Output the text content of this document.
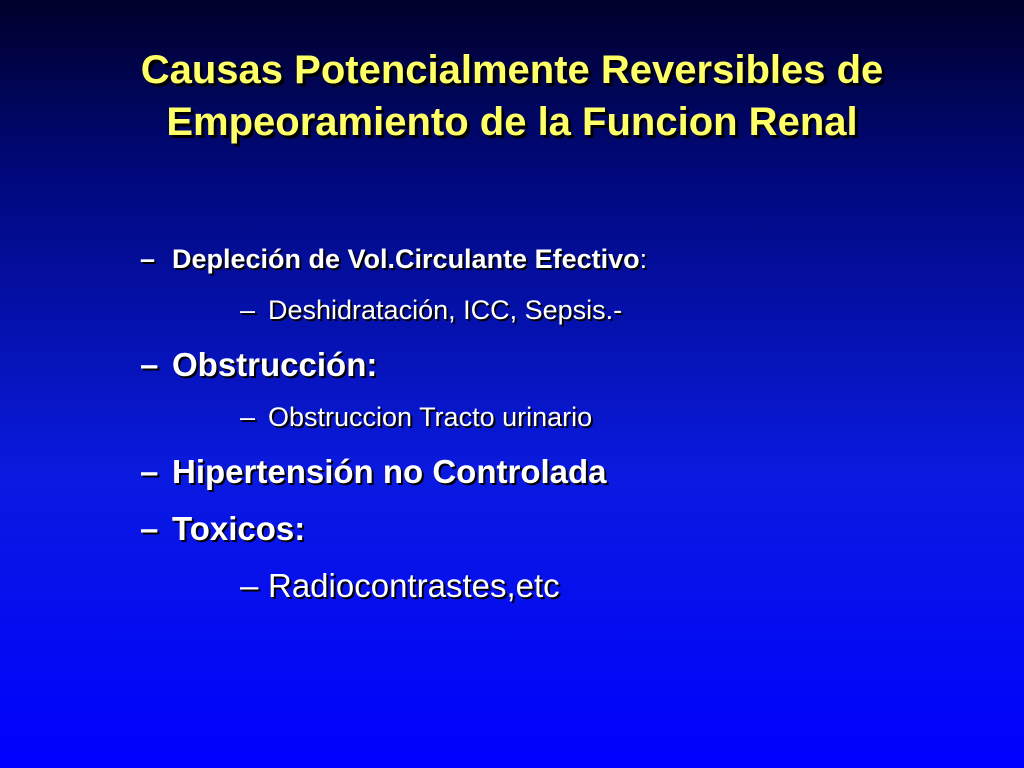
Causas Potencialmente Reversibles de
Empeoramiento de la Funcion Renal
– Depleción de Vol.Circulante Efectivo:
– Deshidratación, ICC, Sepsis.-
– Obstrucción:
– Obstruccion Tracto urinario
– Hipertensión no Controlada
– Toxicos:
– Radiocontrastes,etc
